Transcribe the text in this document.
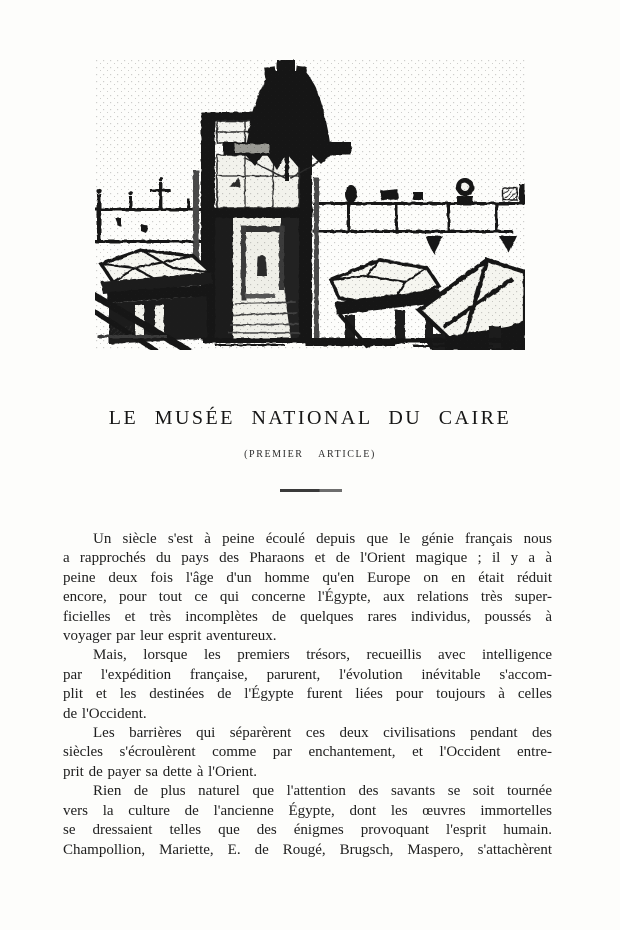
LE MUSÉE NATIONAL DU CAIRE
(PREMIER ARTICLE)
Un siècle s'est à peine écoulé depuis que le génie français nous
a rapprochés du pays des Pharaons et de l'Orient magique ; il y a à
peine deux fois l'âge d'un homme qu'en Europe on en était réduit
encore, pour tout ce qui concerne l'Égypte, aux relations très super-
ficielles et très incomplètes de quelques rares individus, poussés à
voyager par leur esprit aventureux.
Mais, lorsque les premiers trésors, recueillis avec intelligence
par l'expédition française, parurent, l'évolution inévitable s'accom-
plit et les destinées de l'Égypte furent liées pour toujours à celles
de l'Occident.
Les barrières qui séparèrent ces deux civilisations pendant des
siècles s'écroulèrent comme par enchantement, et l'Occident entre-
prit de payer sa dette à l'Orient.
Rien de plus naturel que l'attention des savants se soit tournée
vers la culture de l'ancienne Égypte, dont les œuvres immortelles
se dressaient telles que des énigmes provoquant l'esprit humain.
Champollion, Mariette, E. de Rougé, Brugsch, Maspero, s'attachèrent
